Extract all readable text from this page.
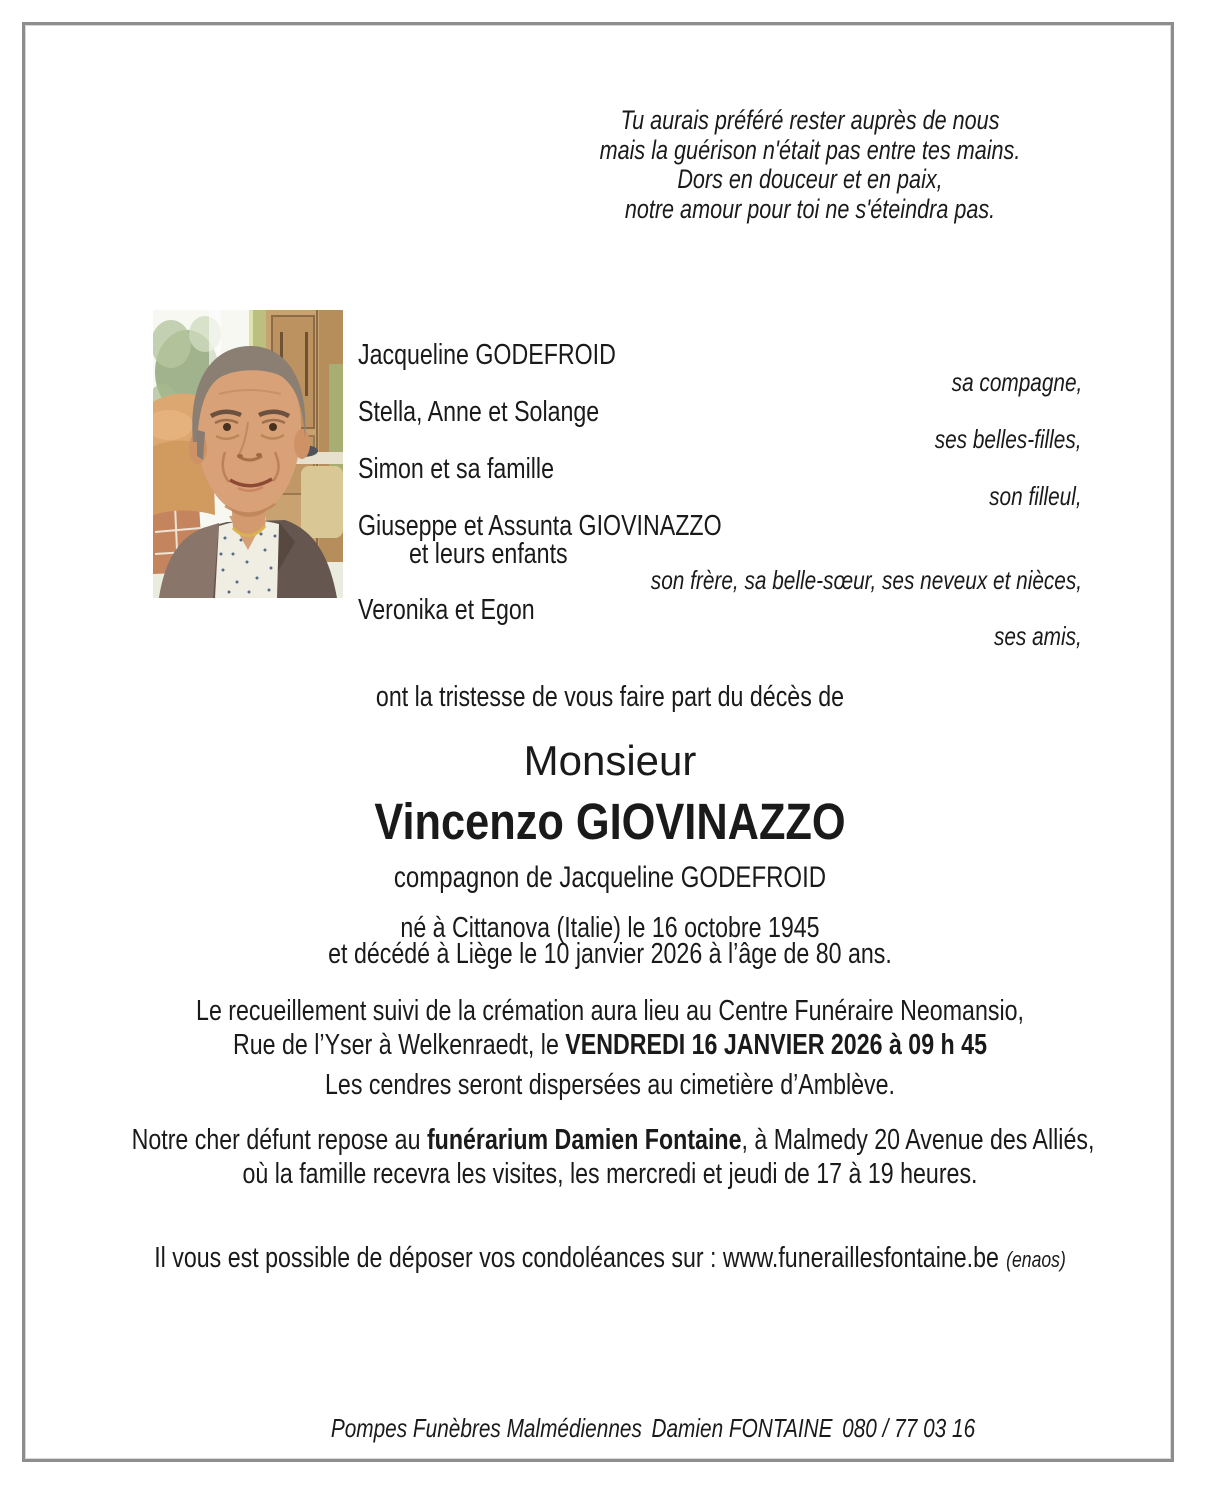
Tu aurais préféré rester auprès de nous
mais la guérison n'était pas entre tes mains.
Dors en douceur et en paix,
notre amour pour toi ne s'éteindra pas.
Jacqueline GODEFROID
sa compagne,
Stella, Anne et Solange
ses belles-filles,
Simon et sa famille
son filleul,
Giuseppe et Assunta GIOVINAZZO
et leurs enfants
son frère, sa belle-sœur, ses neveux et nièces,
Veronika et Egon
ses amis,
ont la tristesse de vous faire part du décès de
Monsieur
Vincenzo GIOVINAZZO
compagnon de Jacqueline GODEFROID
né à Cittanova (Italie) le 16 octobre 1945
et décédé à Liège le 10 janvier 2026 à l’âge de 80 ans.
Le recueillement suivi de la crémation aura lieu au Centre Funéraire Neomansio,
Rue de l’Yser à Welkenraedt, le VENDREDI 16 JANVIER 2026 à 09 h 45
Les cendres seront dispersées au cimetière d’Amblève.
Notre cher défunt repose au funérarium Damien Fontaine, à Malmedy 20 Avenue des Alliés,
où la famille recevra les visites, les mercredi et jeudi de 17 à 19 heures.
Il vous est possible de déposer vos condoléances sur : www.funeraillesfontaine.be (enaos)
Pompes Funèbres Malmédiennes Damien FONTAINE 080 / 77 03 16
